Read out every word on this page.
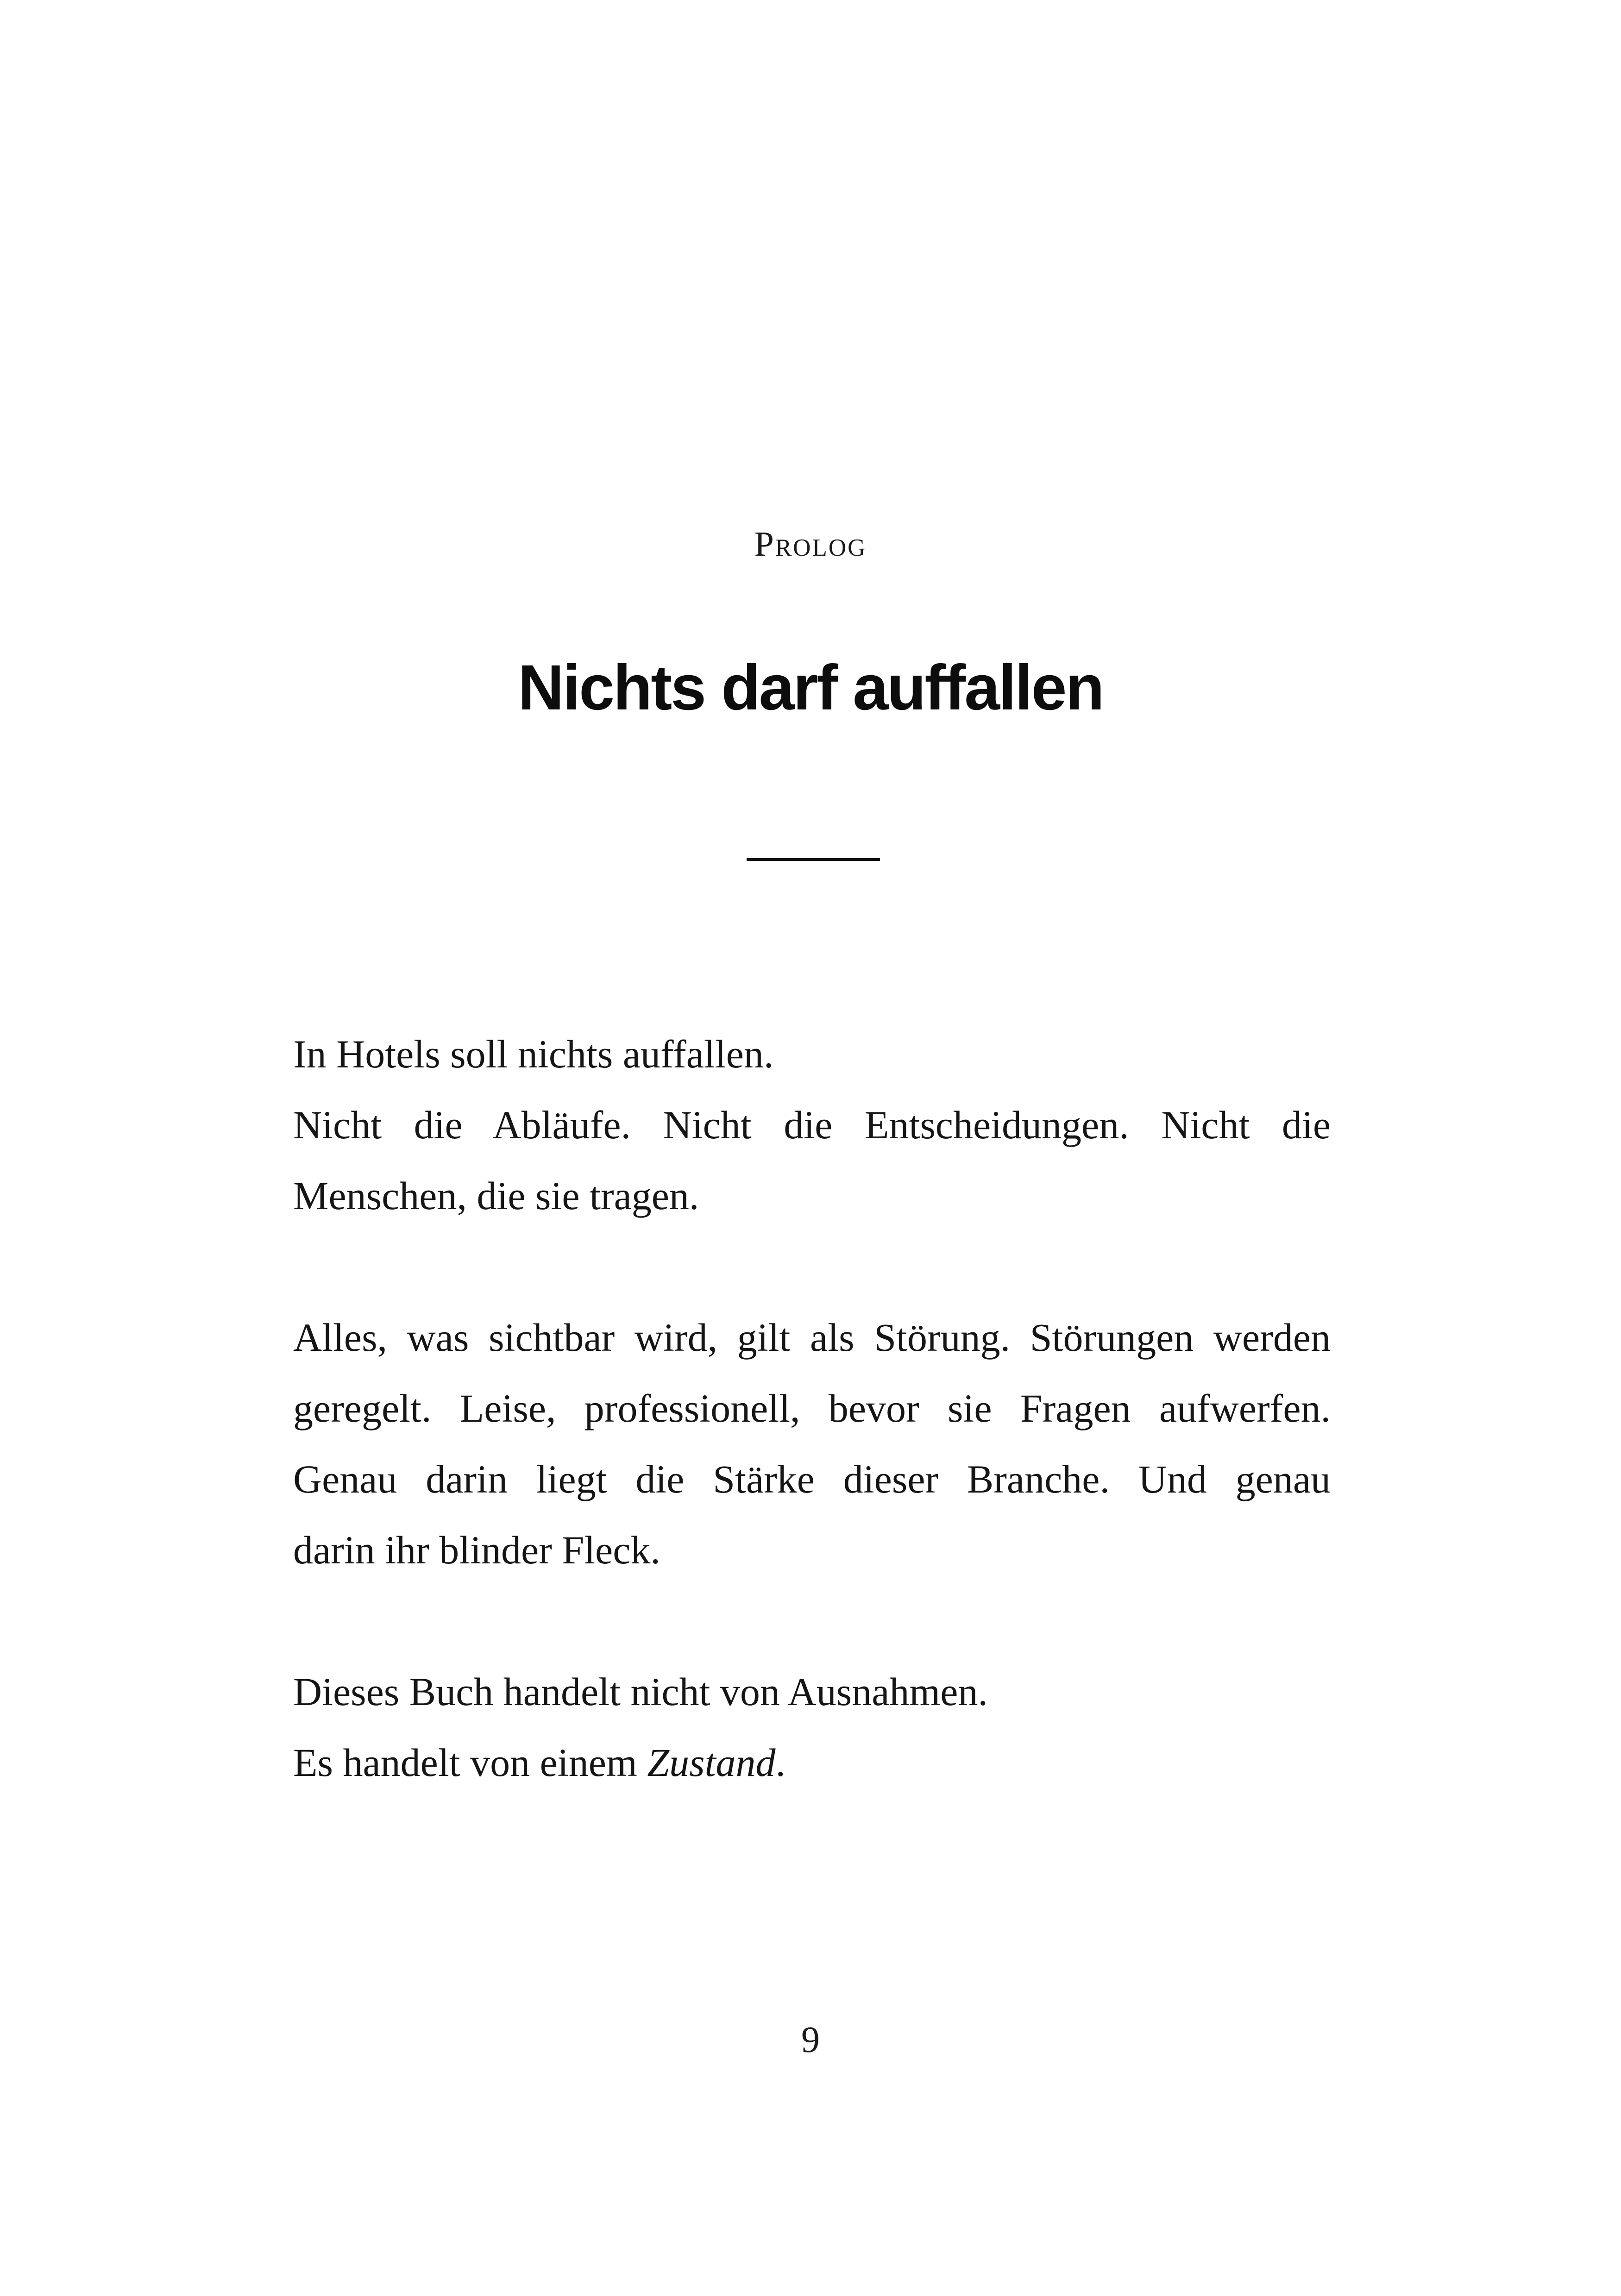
Prolog
Nichts darf auffallen

In Hotels soll nichts auffallen.
Nicht die Abläufe. Nicht die Entscheidungen. Nicht die
Menschen, die sie tragen.

Alles, was sichtbar wird, gilt als Störung. Störungen werden
geregelt. Leise, professionell, bevor sie Fragen aufwerfen.
Genau darin liegt die Stärke dieser Branche. Und genau
darin ihr blinder Fleck.

Dieses Buch handelt nicht von Ausnahmen.
Es handelt von einem Zustand.

9
